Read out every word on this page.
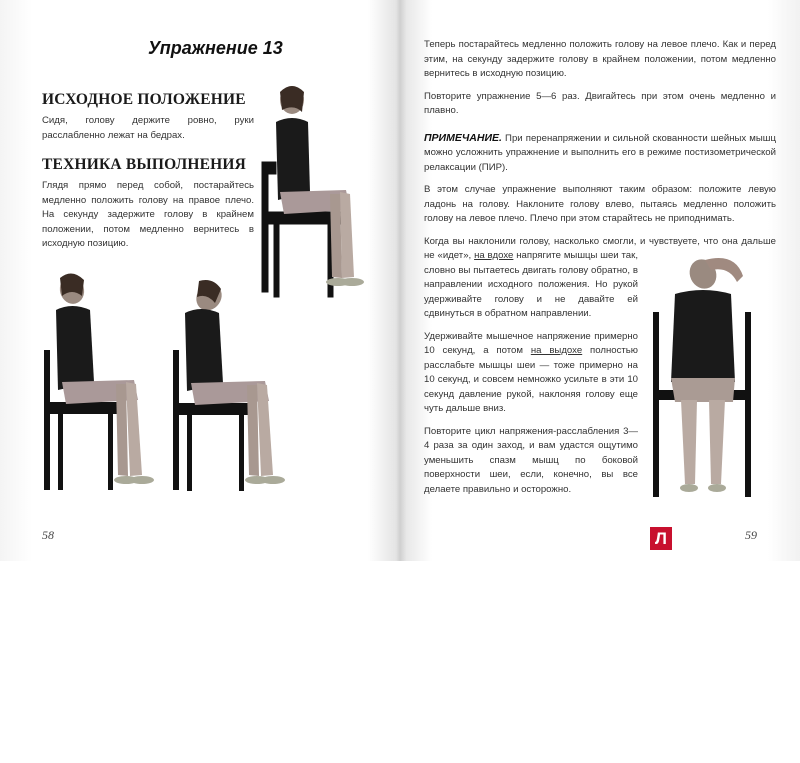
Упражнение 13
ИСХОДНОЕ ПОЛОЖЕНИЕ
Сидя, голову держите ровно, руки расслабленно лежат на бедрах.
ТЕХНИКА ВЫПОЛНЕНИЯ
Глядя прямо перед собой, постарайтесь медленно положить голову на правое плечо. На секунду задержите голову в крайнем положении, потом медленно вернитесь в исходную позицию.
58

Теперь постарайтесь медленно положить голову на левое плечо. Как и перед этим, на секунду задержите голову в крайнем положении, потом медленно вернитесь в исходную позицию.

Повторите упражнение 5—6 раз. Двигайтесь при этом очень медленно и плавно.

ПРИМЕЧАНИЕ. При перенапряжении и сильной скованности шейных мышц можно усложнить упражнение и выполнить его в режиме постизометрической релаксации (ПИР).

В этом случае упражнение выполняют таким образом: положите левую ладонь на голову. Наклоните голову влево, пытаясь медленно положить голову на левое плечо. Плечо при этом старайтесь не приподнимать.

Когда вы наклонили голову, насколько смогли, и чувствуете, что она дальше не «идет», на вдохе напрягите мышцы шеи так, словно вы пытаетесь двигать голову обратно, в направлении исходного положения. Но рукой удерживайте голову и не давайте ей сдвинуться в обратном направлении.

Удерживайте мышечное напряжение примерно 10 секунд, а потом на выдохе полностью расслабьте мышцы шеи — тоже примерно на 10 секунд, и совсем немножко усильте в эти 10 секунд давление рукой, наклоняя голову еще чуть дальше вниз.

Повторите цикл напряжения-расслабления 3—4 раза за один заход, и вам удастся ощутимо уменьшить спазм мышц по боковой поверхности шеи, если, конечно, вы все делаете правильно и осторожно.

59
Л
